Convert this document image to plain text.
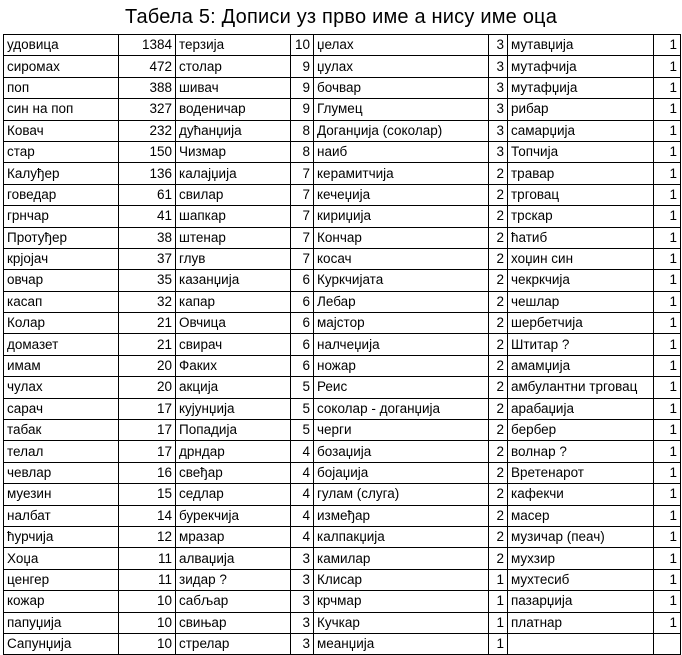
Табела 5: Дописи уз прво име а нису име оца
удовица	1384	терзија	10	џелах	3	мутавџија	1
сиромах	472	столар	9	џулах	3	мутафчија	1
поп	388	шивач	9	бочвар	3	мутафџија	1
син на поп	327	воденичар	9	Глумец	3	рибар	1
Ковач	232	дућанџија	8	Доганџија (соколар)	3	самарџија	1
стар	150	Чизмар	8	наиб	3	Топчија	1
Калуђер	136	калајџија	7	керамитчија	2	травар	1
говедар	61	свилар	7	кечеџија	2	трговац	1
грнчар	41	шапкар	7	кириџија	2	трскар	1
Протуђер	38	штенар	7	Кончар	2	ћатиб	1
крјојач	37	глув	7	косач	2	хоџин син	1
овчар	35	казанџија	6	Куркчијата	2	чекркчија	1
касап	32	капар	6	Лебар	2	чешлар	1
Колар	21	Овчица	6	мајстор	2	шербетчија	1
домазет	21	свирач	6	налчеџија	2	Штитар ?	1
имам	20	Факих	6	ножар	2	амамџија	1
чулах	20	акција	5	Реис	2	амбулантни трговац	1
сарач	17	кујунџија	5	соколар - доганџија	2	арабаџија	1
табак	17	Попадија	5	черги	2	бербер	1
телал	17	дрндар	4	бозаџија	2	волнар ?	1
чевлар	16	свеђар	4	бојаџија	2	Вретенарот	1
муезин	15	седлар	4	гулам (слуга)	2	кафекчи	1
налбат	14	бурекчија	4	измеђар	2	масер	1
ћурчија	12	мразар	4	калпакџија	2	музичар (пеач)	1
Хоџа	11	алваџија	3	камилар	2	мухзир	1
ценгер	11	зидар ?	3	Клисар	1	мухтесиб	1
кожар	10	сабљар	3	крчмар	1	пазарџија	1
папуџија	10	свињар	3	Кучкар	1	платнар	1
Сапунџија	10	стрелар	3	меанџија	1		
